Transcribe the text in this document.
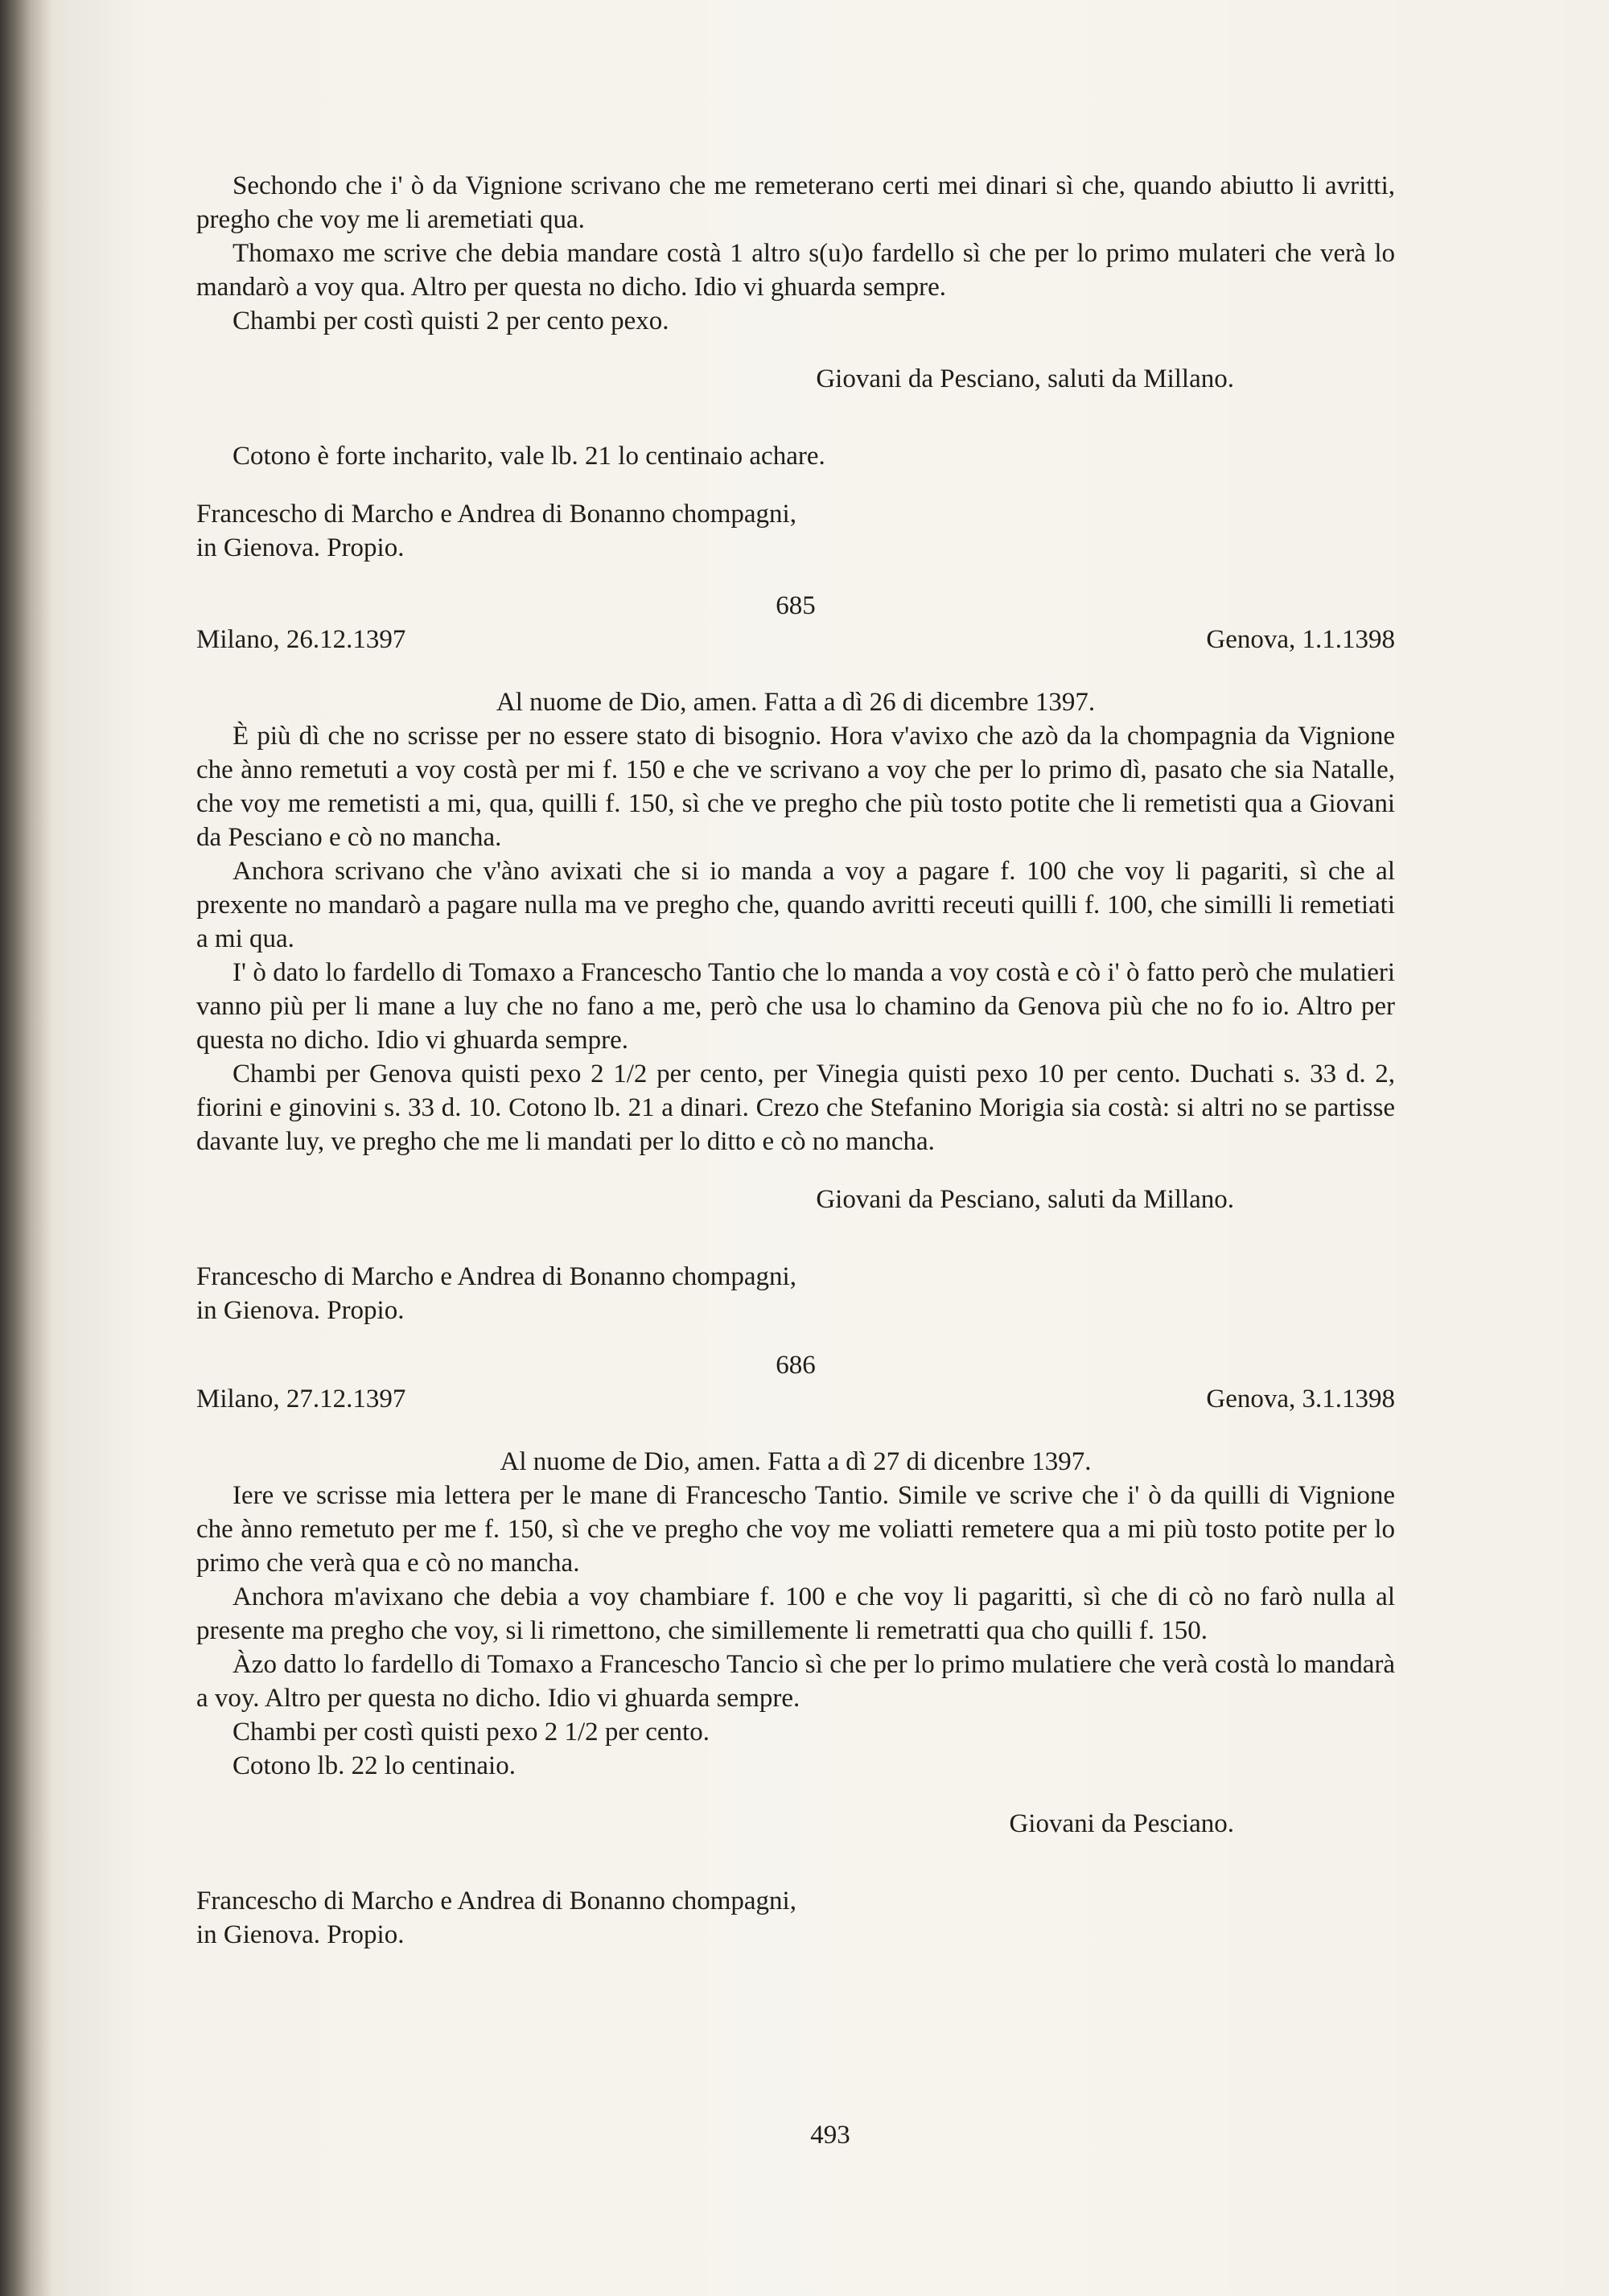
Sechondo che i' ò da Vignione scrivano che me remeterano certi mei dinari sì che, quando abiutto li avritti, pregho che voy me li aremetiati qua.

Thomaxo me scrive che debia mandare costà 1 altro s(u)o fardello sì che per lo primo mulateri che verà lo mandarò a voy qua. Altro per questa no dicho. Idio vi ghuarda sempre.

Chambi per costì quisti 2 per cento pexo.

Giovani da Pesciano, saluti da Millano.

Cotono è forte incharito, vale lb. 21 lo centinaio achare.

Francescho di Marcho e Andrea di Bonanno chompagni,
in Gienova. Propio.
685
Milano, 26.12.1397	Genova, 1.1.1398

Al nuome de Dio, amen. Fatta a dì 26 di dicembre 1397.

È più dì che no scrisse per no essere stato di bisognio. Hora v'avixo che azò da la chompagnia da Vignione che ànno remetuti a voy costà per mi f. 150 e che ve scrivano a voy che per lo primo dì, pasato che sia Natalle, che voy me remetisti a mi, qua, quilli f. 150, sì che ve pregho che più tosto potite che li remetisti qua a Giovani da Pesciano e cò no mancha.

Anchora scrivano che v'àno avixati che si io manda a voy a pagare f. 100 che voy li pagariti, sì che al prexente no mandarò a pagare nulla ma ve pregho che, quando avritti receuti quilli f. 100, che similli li remetiati a mi qua.

I' ò dato lo fardello di Tomaxo a Francescho Tantio che lo manda a voy costà e cò i' ò fatto però che mulatieri vanno più per li mane a luy che no fano a me, però che usa lo chamino da Genova più che no fo io. Altro per questa no dicho. Idio vi ghuarda sempre.

Chambi per Genova quisti pexo 2 1/2 per cento, per Vinegia quisti pexo 10 per cento. Duchati s. 33 d. 2, fiorini e ginovini s. 33 d. 10. Cotono lb. 21 a dinari. Crezo che Stefanino Morigia sia costà: si altri no se partisse davante luy, ve pregho che me li mandati per lo ditto e cò no mancha.

Giovani da Pesciano, saluti da Millano.

Francescho di Marcho e Andrea di Bonanno chompagni,
in Gienova. Propio.
686
Milano, 27.12.1397	Genova, 3.1.1398

Al nuome de Dio, amen. Fatta a dì 27 di dicenbre 1397.

Iere ve scrisse mia lettera per le mane di Francescho Tantio. Simile ve scrive che i' ò da quilli di Vignione che ànno remetuto per me f. 150, sì che ve pregho che voy me voliatti remetere qua a mi più tosto potite per lo primo che verà qua e cò no mancha.

Anchora m'avixano che debia a voy chambiare f. 100 e che voy li pagaritti, sì che di cò no farò nulla al presente ma pregho che voy, si li rimettono, che simillemente li remetratti qua cho quilli f. 150.

Àzo datto lo fardello di Tomaxo a Francescho Tancio sì che per lo primo mulatiere che verà costà lo mandarà a voy. Altro per questa no dicho. Idio vi ghuarda sempre.

Chambi per costì quisti pexo 2 1/2 per cento.

Cotono lb. 22 lo centinaio.

Giovani da Pesciano.

Francescho di Marcho e Andrea di Bonanno chompagni,
in Gienova. Propio.
493
